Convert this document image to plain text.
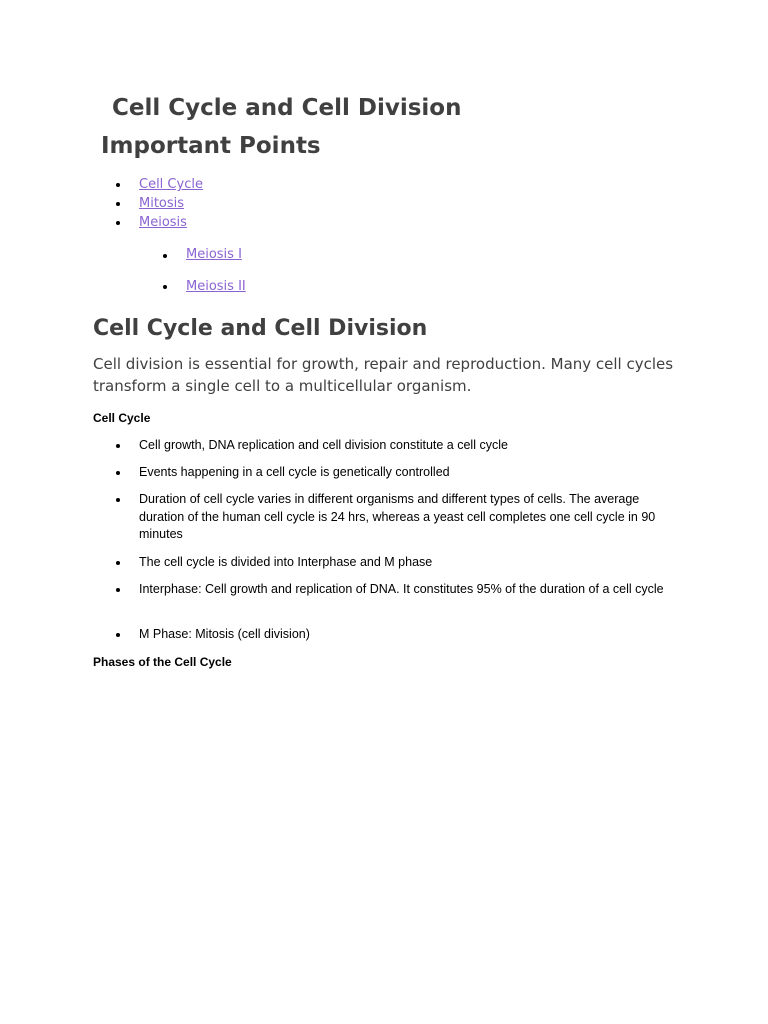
Cell Cycle and Cell Division
Important Points
Cell Cycle
Mitosis
Meiosis
Meiosis I
Meiosis II
Cell Cycle and Cell Division

Cell division is essential for growth, repair and reproduction. Many cell cycles transform a single cell to a multicellular organism.

Cell Cycle
Cell growth, DNA replication and cell division constitute a cell cycle
Events happening in a cell cycle is genetically controlled
Duration of cell cycle varies in different organisms and different types of cells. The average duration of the human cell cycle is 24 hrs, whereas a yeast cell completes one cell cycle in 90 minutes
The cell cycle is divided into Interphase and M phase
Interphase: Cell growth and replication of DNA. It constitutes 95% of the duration of a cell cycle
M Phase: Mitosis (cell division)
Phases of the Cell Cycle
